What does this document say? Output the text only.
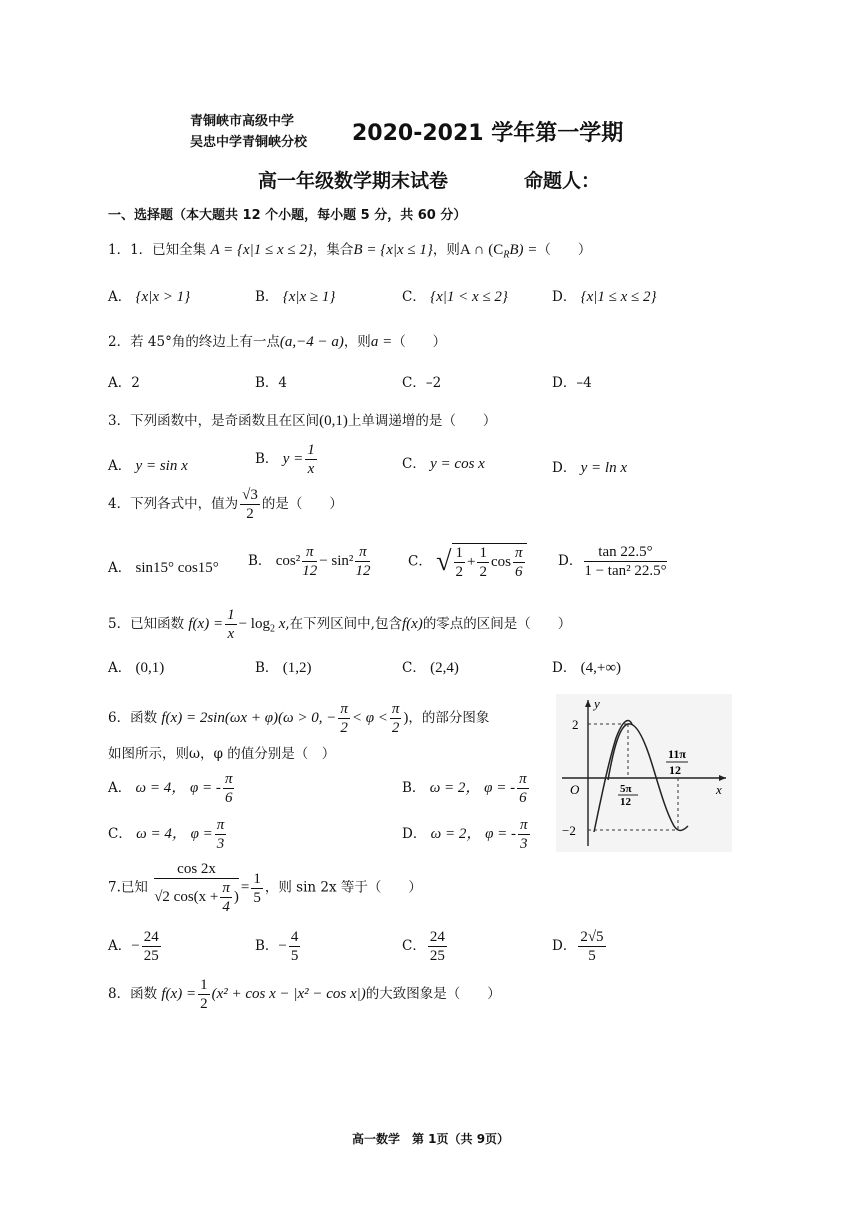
青铜峡市高级中学
吴忠中学青铜峡分校 2020-2021 学年第一学期
高一年级数学期末试卷	命题人：
一、选择题（本大题共 12 个小题，每小题 5 分，共 60 分）
1．1．已知全集 A = {x|1 ≤ x ≤ 2}，集合B = {x|x ≤ 1}，则A ∩ $(C_RB)$ =（　　）
A． {x|x > 1}	B． {x|x ≥ 1}	C． {x|1 < x ≤ 2}	D． {x|1 ≤ x ≤ 2}
2．若 45°角的终边上有一点(a,−4 − a)，则a =（　　）
A．2	B．4	C．–2	D．–4
3．下列函数中，是奇函数且在区间(0,1)上单调递增的是（　　）
A． y = sin x	B． $y = \frac{1}{x}$	C． y = cos x	D． y = ln x
4．下列各式中，值为 $\frac{√3}{2}$ 的是（　　）
A． sin15° cos15° B． $\cos^2 \frac{\pi}{12} - \sin^2 \frac{\pi}{12}$	C． √ $\frac{1}{2} + \frac{1}{2}$ $\cos \frac{\pi}{6}$ D． $\frac{\tan 22.5^\circ}{\text{1 − tan² 22.5°}}$
5．已知函数 $f(x) = \frac{1}{x} - \log_2 x$,在下列区间中,包含f(x)的零点的区间是（　　）
A． (0,1)	B． (1,2)	C． (2,4)	D． (4,+∞)
6．函数 f(x) = 2sin(ωx + φ)(ω > 0, − $\frac{\pi}{2} < \varphi < \frac{\pi}{2}$ )，的部分图象
如图所示，则ω，φ 的值分别是（　）
A． ω = 4， φ = - $\frac{\pi}{6}$	B． ω = 2， φ = - $\frac{\pi}{6}$
C． ω = 4， $\varphi = \frac{\pi}{3}$	D． ω = 2， φ = - $\frac{\pi}{3}$
y
x
O
2
−2
5π
12
11π
12
7.已知 $\frac{\cos 2x}{√2 \cos(x + \frac{\pi}{4} )} = \frac{1}{5}$ ，则 sin 2x 等于（　　）
A．− $\frac{24}{25}$	B．− $\frac{4}{5}$	C． $\frac{24}{25}$	D． $\frac{2√5}{5}$
8．函数 $f(x) = \frac{1}{2} (x^2 + \cos x - |x^2 - \cos x|)$的大致图象是（　　）
高一数学　第 1页（共 9页）
